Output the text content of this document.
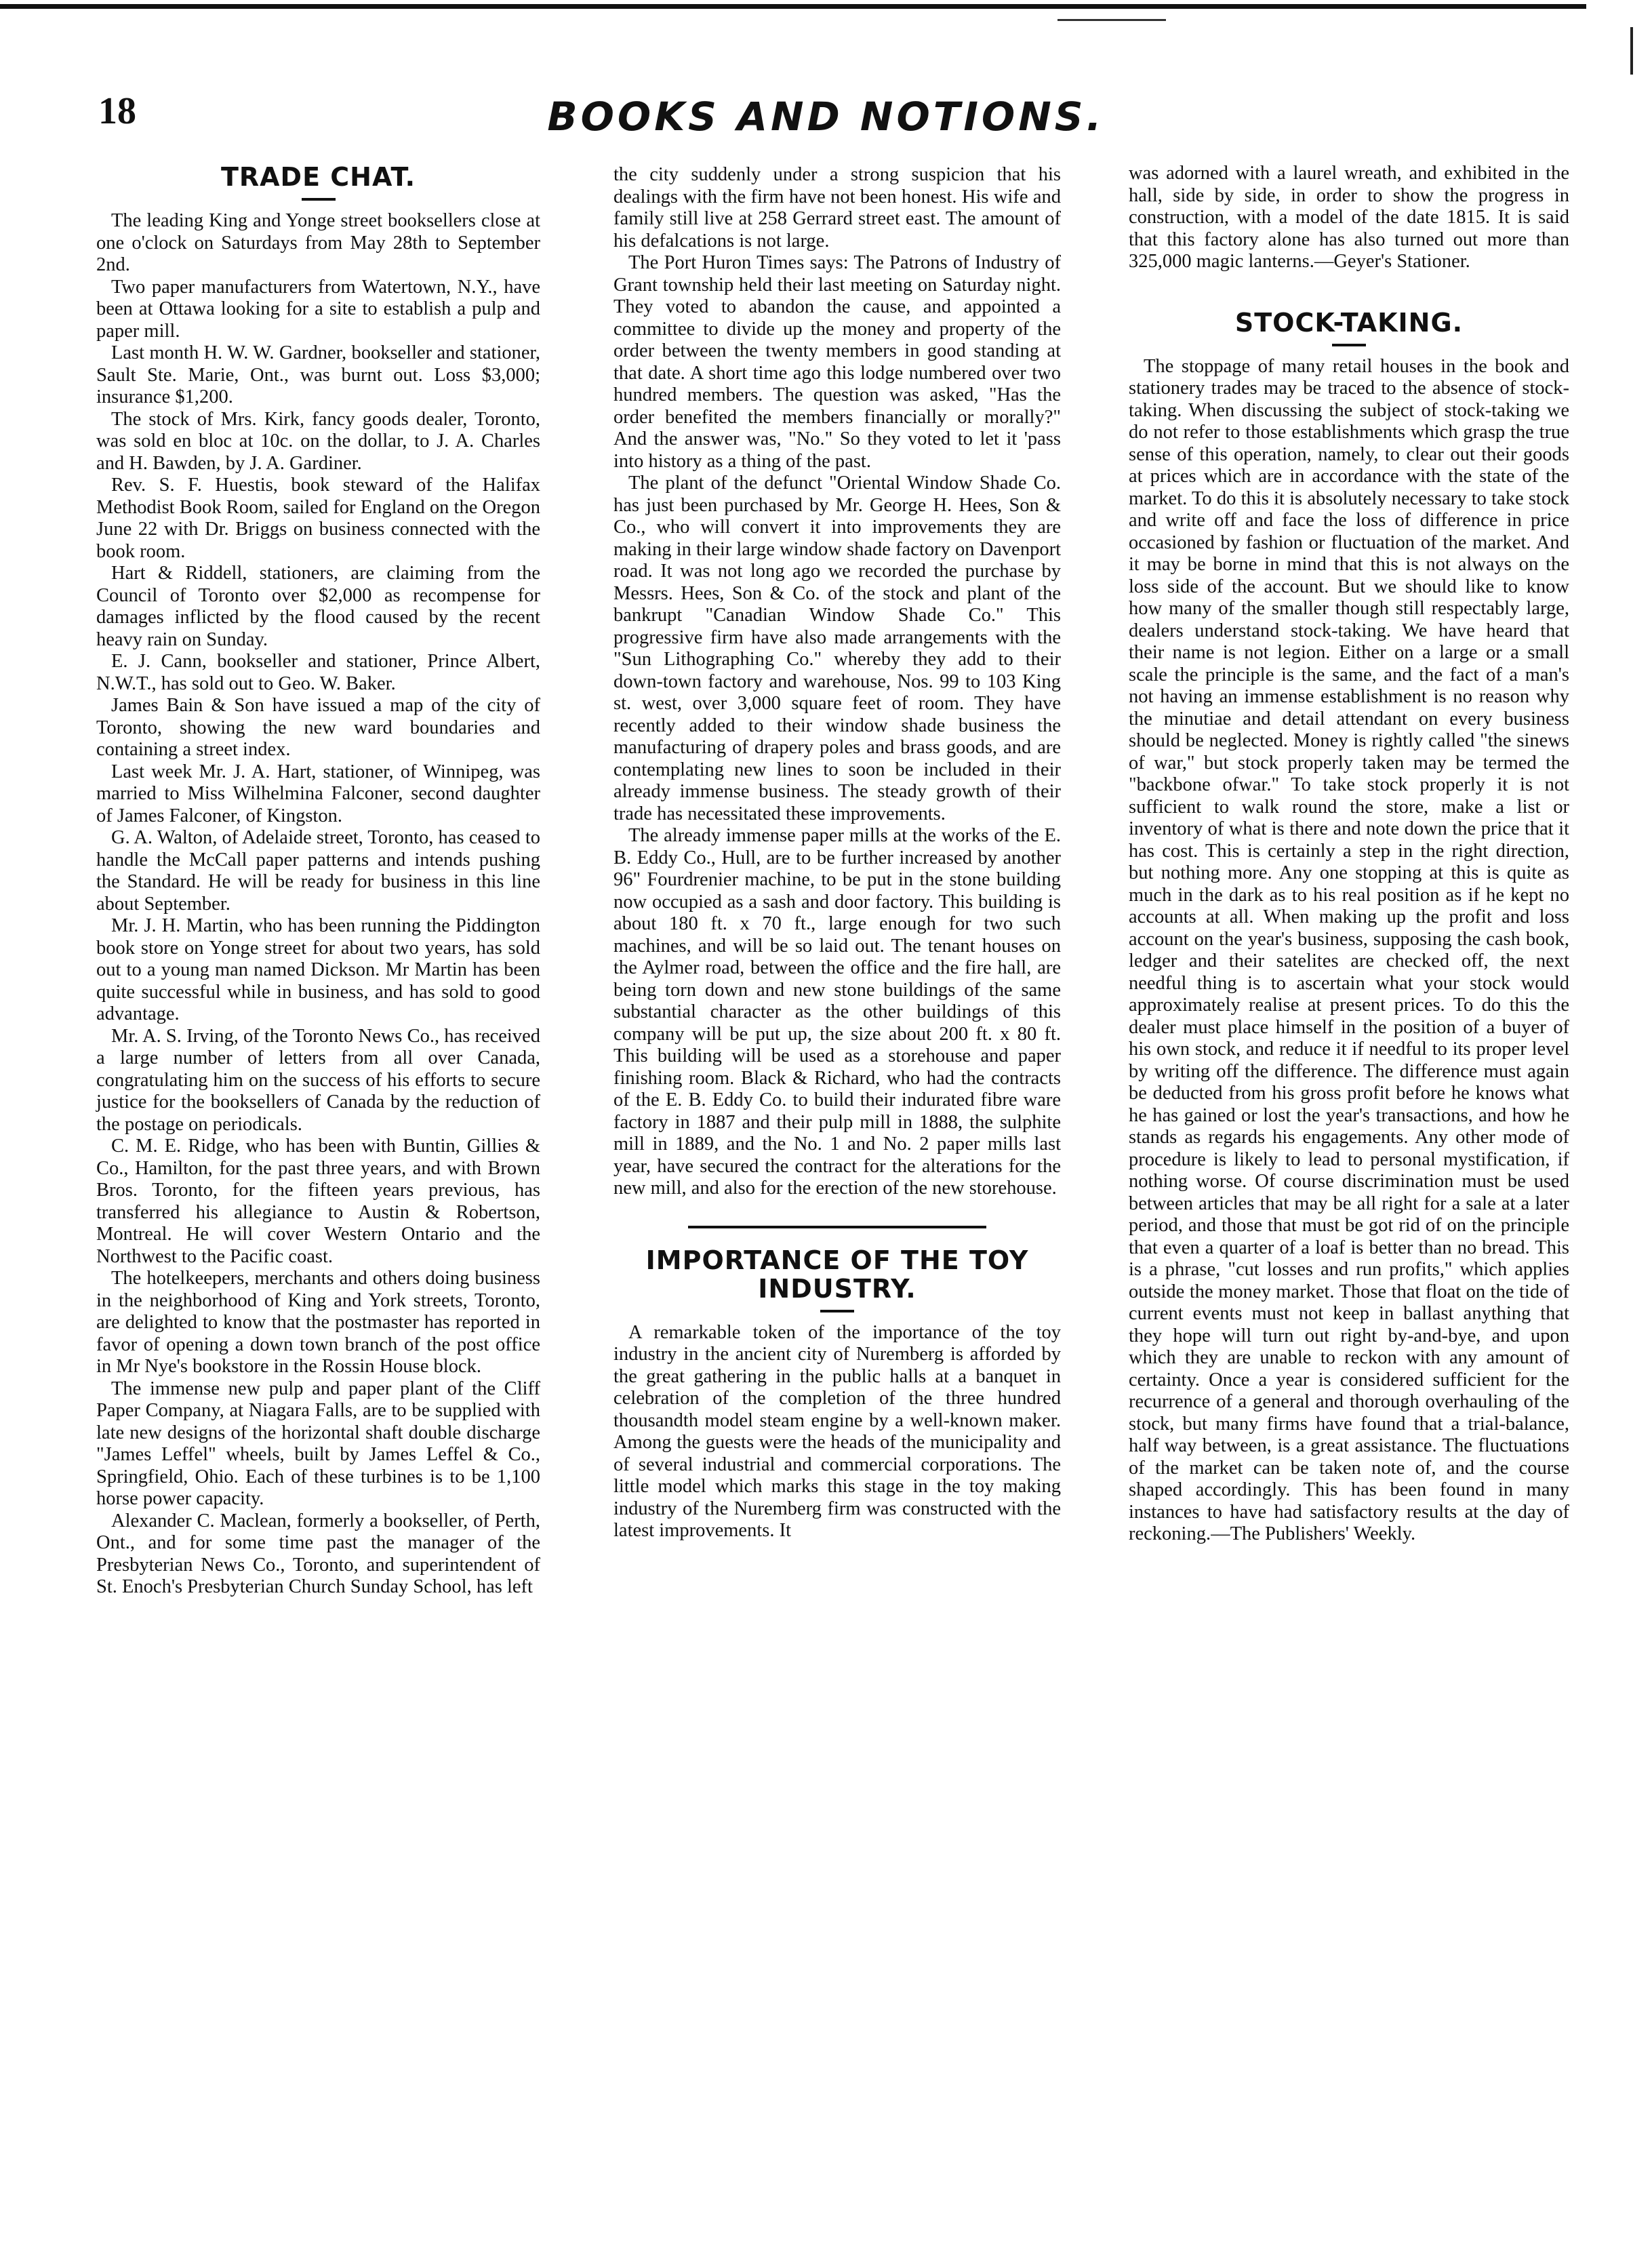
18	BOOKS AND NOTIONS.
TRADE CHAT.

The leading King and Yonge street booksellers close at one o'clock on Saturdays from May 28th to September 2nd.

Two paper manufacturers from Watertown, N.Y., have been at Ottawa looking for a site to establish a pulp and paper mill.

Last month H. W. W. Gardner, bookseller and stationer, Sault Ste. Marie, Ont., was burnt out. Loss $3,000; insurance $1,200.

The stock of Mrs. Kirk, fancy goods dealer, Toronto, was sold en bloc at 10c. on the dollar, to J. A. Charles and H. Bawden, by J. A. Gardiner.

Rev. S. F. Huestis, book steward of the Halifax Methodist Book Room, sailed for England on the Oregon June 22 with Dr. Briggs on business connected with the book room.

Hart & Riddell, stationers, are claiming from the Council of Toronto over $2,000 as recompense for damages inflicted by the flood caused by the recent heavy rain on Sunday.

E. J. Cann, bookseller and stationer, Prince Albert, N.W.T., has sold out to Geo. W. Baker.

James Bain & Son have issued a map of the city of Toronto, showing the new ward boundaries and containing a street index.

Last week Mr. J. A. Hart, stationer, of Winnipeg, was married to Miss Wilhelmina Falconer, second daughter of James Falconer, of Kingston.

G. A. Walton, of Adelaide street, Toronto, has ceased to handle the McCall paper patterns and intends pushing the Standard. He will be ready for business in this line about September.

Mr. J. H. Martin, who has been running the Piddington book store on Yonge street for about two years, has sold out to a young man named Dickson. Mr Martin has been quite successful while in business, and has sold to good advantage.

Mr. A. S. Irving, of the Toronto News Co., has received a large number of letters from all over Canada, congratulating him on the success of his efforts to secure justice for the booksellers of Canada by the reduction of the postage on periodicals.

C. M. E. Ridge, who has been with Buntin, Gillies & Co., Hamilton, for the past three years, and with Brown Bros. Toronto, for the fifteen years previous, has transferred his allegiance to Austin & Robertson, Montreal. He will cover Western Ontario and the Northwest to the Pacific coast.

The hotelkeepers, merchants and others doing business in the neighborhood of King and York streets, Toronto, are delighted to know that the postmaster has reported in favor of opening a down town branch of the post office in Mr Nye's bookstore in the Rossin House block.

The immense new pulp and paper plant of the Cliff Paper Company, at Niagara Falls, are to be supplied with late new designs of the horizontal shaft double discharge "James Leffel" wheels, built by James Leffel & Co., Springfield, Ohio. Each of these turbines is to be 1,100 horse power capacity.

Alexander C. Maclean, formerly a bookseller, of Perth, Ont., and for some time past the manager of the Presbyterian News Co., Toronto, and superintendent of St. Enoch's Presbyterian Church Sunday School, has left

the city suddenly under a strong suspicion that his dealings with the firm have not been honest. His wife and family still live at 258 Gerrard street east. The amount of his defalcations is not large.

The Port Huron Times says: The Patrons of Industry of Grant township held their last meeting on Saturday night. They voted to abandon the cause, and appointed a committee to divide up the money and property of the order between the twenty members in good standing at that date. A short time ago this lodge numbered over two hundred members. The question was asked, "Has the order benefited the members financially or morally?" And the answer was, "No." So they voted to let it 'pass into history as a thing of the past.

The plant of the defunct "Oriental Window Shade Co. has just been purchased by Mr. George H. Hees, Son & Co., who will convert it into improvements they are making in their large window shade factory on Davenport road. It was not long ago we recorded the purchase by Messrs. Hees, Son & Co. of the stock and plant of the bankrupt "Canadian Window Shade Co." This progressive firm have also made arrangements with the "Sun Lithographing Co." whereby they add to their down-town factory and warehouse, Nos. 99 to 103 King st. west, over 3,000 square feet of room. They have recently added to their window shade business the manufacturing of drapery poles and brass goods, and are contemplating new lines to soon be included in their already immense business. The steady growth of their trade has necessitated these improvements.

The already immense paper mills at the works of the E. B. Eddy Co., Hull, are to be further increased by another 96" Fourdrenier machine, to be put in the stone building now occupied as a sash and door factory. This building is about 180 ft. x 70 ft., large enough for two such machines, and will be so laid out. The tenant houses on the Aylmer road, between the office and the fire hall, are being torn down and new stone buildings of the same substantial character as the other buildings of this company will be put up, the size about 200 ft. x 80 ft. This building will be used as a storehouse and paper finishing room. Black & Richard, who had the contracts of the E. B. Eddy Co. to build their indurated fibre ware factory in 1887 and their pulp mill in 1888, the sulphite mill in 1889, and the No. 1 and No. 2 paper mills last year, have secured the contract for the alterations for the new mill, and also for the erection of the new storehouse.

IMPORTANCE OF THE TOY INDUSTRY.

A remarkable token of the importance of the toy industry in the ancient city of Nuremberg is afforded by the great gathering in the public halls at a banquet in celebration of the completion of the three hundred thousandth model steam engine by a well-known maker. Among the guests were the heads of the municipality and of several industrial and commercial corporations. The little model which marks this stage in the toy making industry of the Nuremberg firm was constructed with the latest improvements. It

was adorned with a laurel wreath, and exhibited in the hall, side by side, in order to show the progress in construction, with a model of the date 1815. It is said that this factory alone has also turned out more than 325,000 magic lanterns.—Geyer's Stationer.

STOCK-TAKING.

The stoppage of many retail houses in the book and stationery trades may be traced to the absence of stock-taking. When discussing the subject of stock-taking we do not refer to those establishments which grasp the true sense of this operation, namely, to clear out their goods at prices which are in accordance with the state of the market. To do this it is absolutely necessary to take stock and write off and face the loss of difference in price occasioned by fashion or fluctuation of the market. And it may be borne in mind that this is not always on the loss side of the account. But we should like to know how many of the smaller though still respectably large, dealers understand stock-taking. We have heard that their name is not legion. Either on a large or a small scale the principle is the same, and the fact of a man's not having an immense establishment is no reason why the minutiae and detail attendant on every business should be neglected. Money is rightly called "the sinews of war," but stock properly taken may be termed the "backbone ofwar." To take stock properly it is not sufficient to walk round the store, make a list or inventory of what is there and note down the price that it has cost. This is certainly a step in the right direction, but nothing more. Any one stopping at this is quite as much in the dark as to his real position as if he kept no accounts at all. When making up the profit and loss account on the year's business, supposing the cash book, ledger and their satelites are checked off, the next needful thing is to ascertain what your stock would approximately realise at present prices. To do this the dealer must place himself in the position of a buyer of his own stock, and reduce it if needful to its proper level by writing off the difference. The difference must again be deducted from his gross profit before he knows what he has gained or lost the year's transactions, and how he stands as regards his engagements. Any other mode of procedure is likely to lead to personal mystification, if nothing worse. Of course discrimination must be used between articles that may be all right for a sale at a later period, and those that must be got rid of on the principle that even a quarter of a loaf is better than no bread. This is a phrase, "cut losses and run profits," which applies outside the money market. Those that float on the tide of current events must not keep in ballast anything that they hope will turn out right by-and-bye, and upon which they are unable to reckon with any amount of certainty. Once a year is considered sufficient for the recurrence of a general and thorough overhauling of the stock, but many firms have found that a trial-balance, half way between, is a great assistance. The fluctuations of the market can be taken note of, and the course shaped accordingly. This has been found in many instances to have had satisfactory results at the day of reckoning.—The Publishers' Weekly.
